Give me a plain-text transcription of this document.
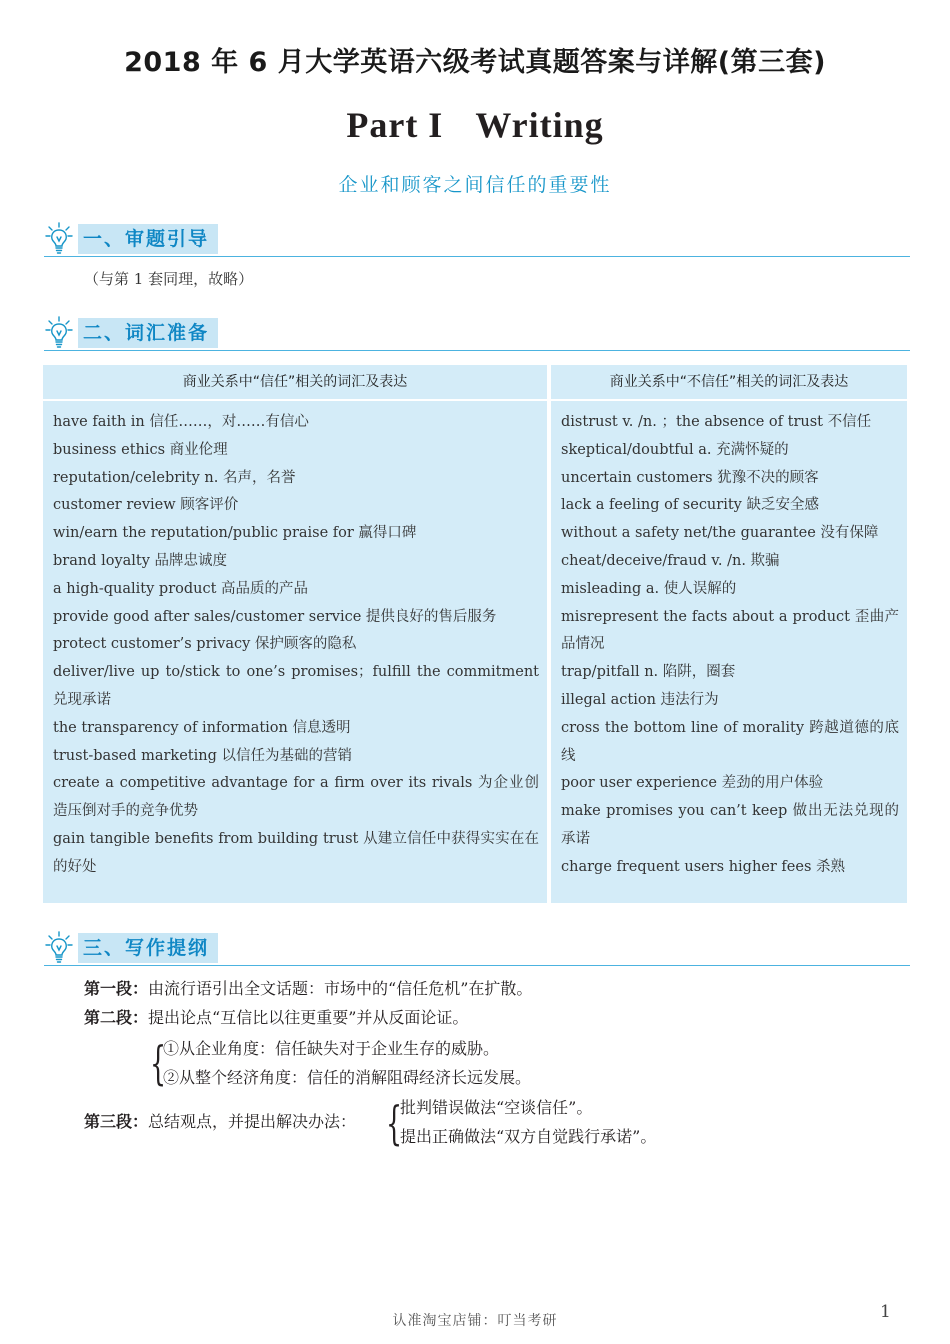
2018 年 6 月大学英语六级考试真题答案与详解(第三套)
Part I Writing
企业和顾客之间信任的重要性
一、审题引导
（与第 1 套同理，故略）
二、词汇准备
商业关系中“信任”相关的词汇及表达
have faith in 信任……，对……有信心
business ethics 商业伦理
reputation/celebrity n. 名声，名誉
customer review 顾客评价
win/earn the reputation/public praise for 赢得口碑
brand loyalty 品牌忠诚度
a high-quality product 高品质的产品
provide good after sales/customer service 提供良好的售后服务
protect customer’s privacy 保护顾客的隐私
deliver/live up to/stick to one’s promises；fulfill the commitment 兑现承诺
the transparency of information 信息透明
trust-based marketing 以信任为基础的营销
create a competitive advantage for a firm over its rivals 为企业创造压倒对手的竞争优势
gain tangible benefits from building trust 从建立信任中获得实实在在的好处
商业关系中“不信任”相关的词汇及表达
distrust v. /n. ；the absence of trust 不信任
skeptical/doubtful a. 充满怀疑的
uncertain customers 犹豫不决的顾客
lack a feeling of security 缺乏安全感
without a safety net/the guarantee 没有保障
cheat/deceive/fraud v. /n. 欺骗
misleading a. 使人误解的
misrepresent the facts about a product 歪曲产品情况
trap/pitfall n. 陷阱，圈套
illegal action 违法行为
cross the bottom line of morality 跨越道德的底线
poor user experience 差劲的用户体验
make promises you can’t keep 做出无法兑现的承诺
charge frequent users higher fees 杀熟
三、写作提纲
第一段：由流行语引出全文话题：市场中的“信任危机”在扩散。
第二段：提出论点“互信比以往更重要”并从反面论证。
{
①从企业角度：信任缺失对于企业生存的威胁。
②从整个经济角度：信任的消解阻碍经济长远发展。
第三段：总结观点，并提出解决办法： {
批判错误做法“空谈信任”。
提出正确做法“双方自觉践行承诺”。
认准淘宝店铺：叮当考研	1
